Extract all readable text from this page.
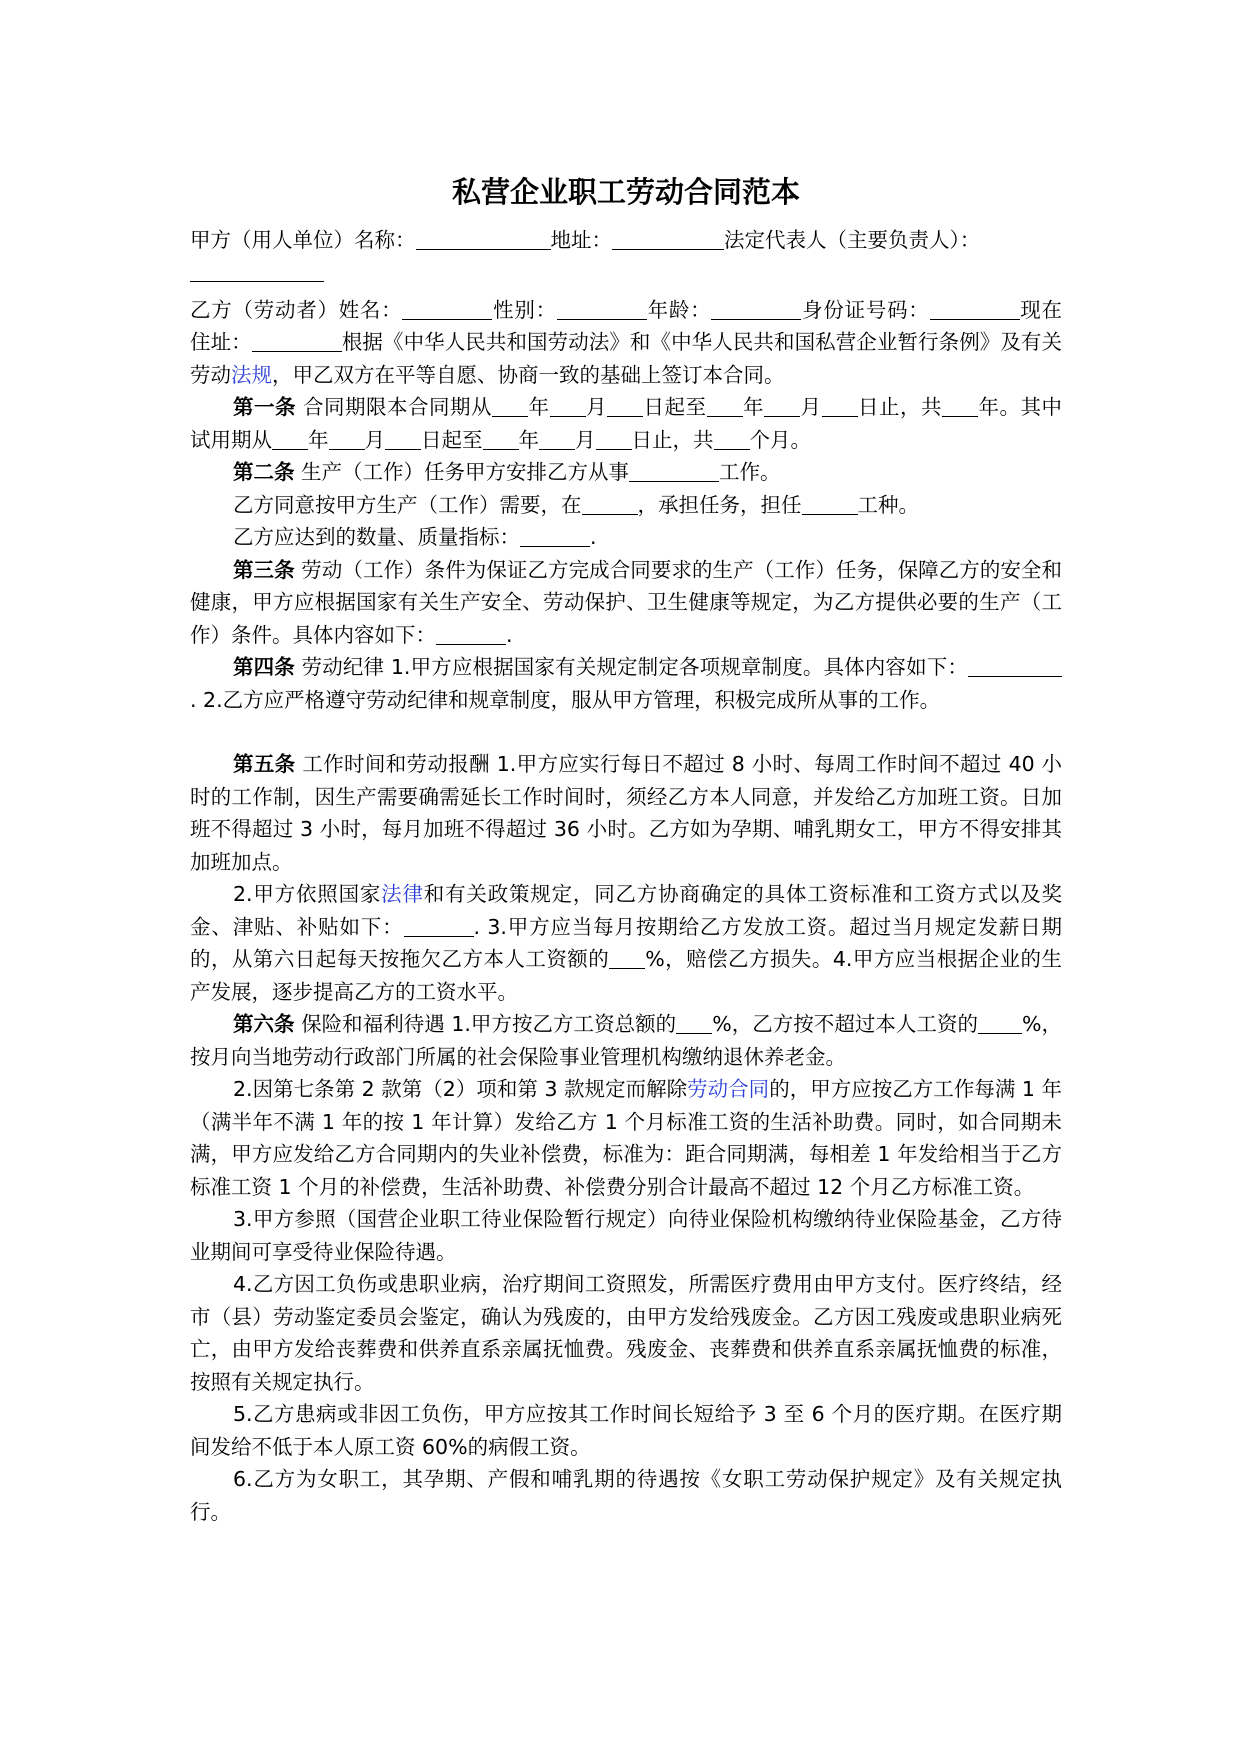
私营企业职工劳动合同范本

甲方（用人单位）名称：	地址：	法定代表人（主要负责人）：

乙方（劳动者）姓名：	性别：	年龄：	身份证号码：	现在住址：	根据《中华人民共和国劳动法》和《中华人民共和国私营企业暂行条例》及有关劳动法规，甲乙双方在平等自愿、协商一致的基础上签订本合同。

第一条 合同期限本合同期从 年 月 日起至 年 月 日止，共 年。其中试用期从 年 月 日起至 年 月 日止，共 个月。

第二条 生产（工作）任务甲方安排乙方从事	工作。

乙方同意按甲方生产（工作）需要，在	，承担任务，担任	工种。

乙方应达到的数量、质量指标：	.

第三条 劳动（工作）条件为保证乙方完成合同要求的生产（工作）任务，保障乙方的安全和健康，甲方应根据国家有关生产安全、劳动保护、卫生健康等规定，为乙方提供必要的生产（工作）条件。具体内容如下：	.

第四条 劳动纪律 1.甲方应根据国家有关规定制定各项规章制度。具体内容如下：. 2.乙方应严格遵守劳动纪律和规章制度，服从甲方管理，积极完成所从事的工作。

第五条 工作时间和劳动报酬 1.甲方应实行每日不超过 8 小时、每周工作时间不超过 40 小时的工作制，因生产需要确需延长工作时间时，须经乙方本人同意，并发给乙方加班工资。日加班不得超过 3 小时，每月加班不得超过 36 小时。乙方如为孕期、哺乳期女工，甲方不得安排其加班加点。

2.甲方依照国家法律和有关政策规定，同乙方协商确定的具体工资标准和工资方式以及奖金、津贴、补贴如下：	. 3.甲方应当每月按期给乙方发放工资。超过当月规定发薪日期的，从第六日起每天按拖欠乙方本人工资额的 %，赔偿乙方损失。4.甲方应当根据企业的生产发展，逐步提高乙方的工资水平。

第六条 保险和福利待遇 1.甲方按乙方工资总额的 %，乙方按不超过本人工资的 %，按月向当地劳动行政部门所属的社会保险事业管理机构缴纳退休养老金。

2.因第七条第 2 款第（2）项和第 3 款规定而解除劳动合同的，甲方应按乙方工作每满 1 年（满半年不满 1 年的按 1 年计算）发给乙方 1 个月标准工资的生活补助费。同时，如合同期未满，甲方应发给乙方合同期内的失业补偿费，标准为：距合同期满，每相差 1 年发给相当于乙方标准工资 1 个月的补偿费，生活补助费、补偿费分别合计最高不超过 12 个月乙方标准工资。

3.甲方参照（国营企业职工待业保险暂行规定）向待业保险机构缴纳待业保险基金，乙方待业期间可享受待业保险待遇。

4.乙方因工负伤或患职业病，治疗期间工资照发，所需医疗费用由甲方支付。医疗终结，经市（县）劳动鉴定委员会鉴定，确认为残废的，由甲方发给残废金。乙方因工残废或患职业病死亡，由甲方发给丧葬费和供养直系亲属抚恤费。残废金、丧葬费和供养直系亲属抚恤费的标准，按照有关规定执行。

5.乙方患病或非因工负伤，甲方应按其工作时间长短给予 3 至 6 个月的医疗期。在医疗期间发给不低于本人原工资 60%的病假工资。

6.乙方为女职工，其孕期、产假和哺乳期的待遇按《女职工劳动保护规定》及有关规定执行。
